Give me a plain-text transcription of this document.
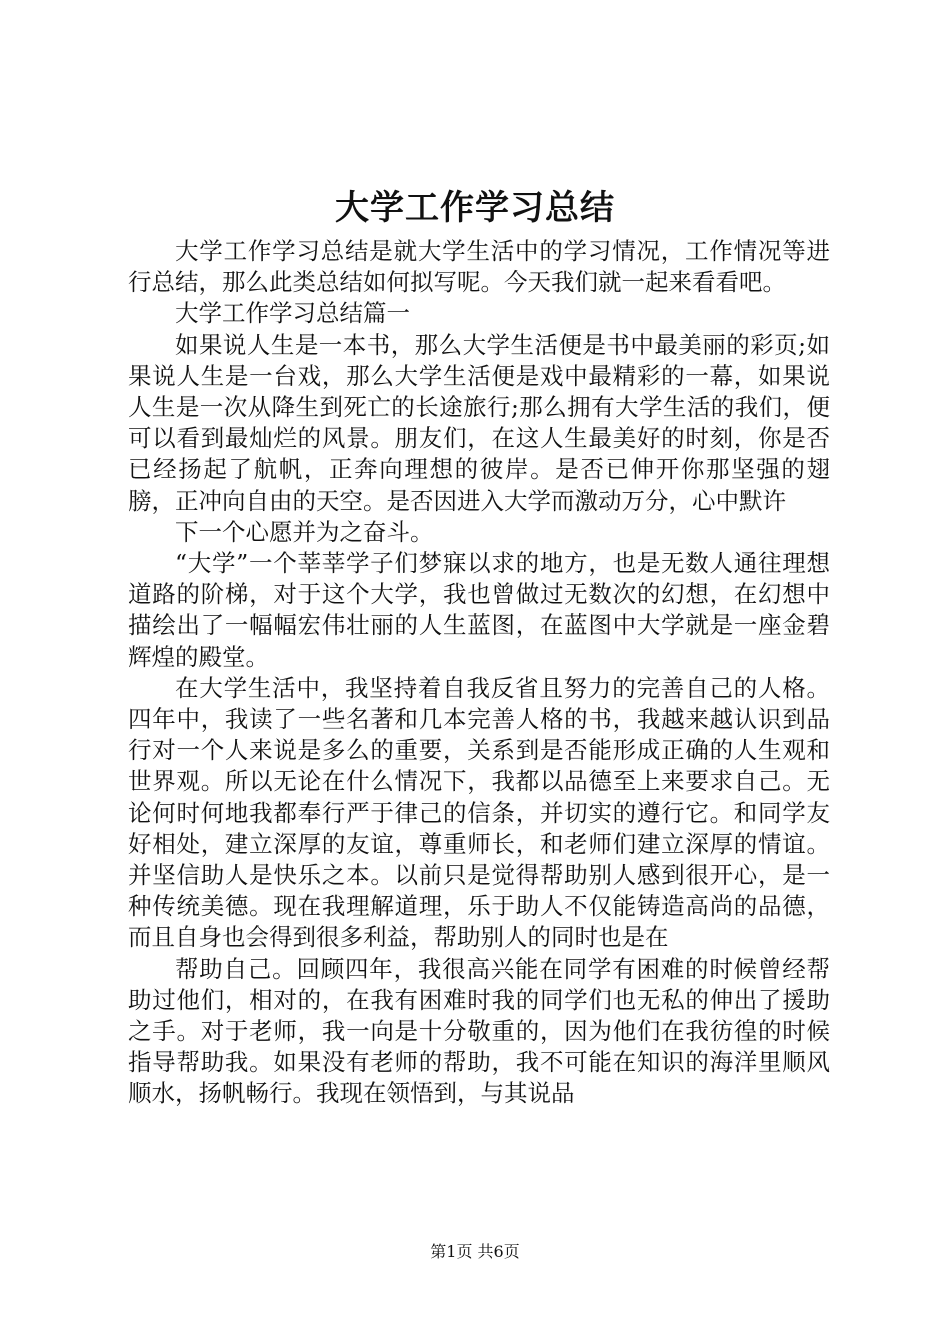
大学工作学习总结

大学工作学习总结是就大学生活中的学习情况，工作情况等进行总结，那么此类总结如何拟写呢。今天我们就一起来看看吧。

大学工作学习总结篇一

如果说人生是一本书，那么大学生活便是书中最美丽的彩页;如果说人生是一台戏，那么大学生活便是戏中最精彩的一幕，如果说人生是一次从降生到死亡的长途旅行;那么拥有大学生活的我们，便可以看到最灿烂的风景。朋友们，在这人生最美好的时刻，你是否已经扬起了航帆，正奔向理想的彼岸。是否已伸开你那坚强的翅膀，正冲向自由的天空。是否因进入大学而激动万分，心中默许

下一个心愿并为之奋斗。

“大学”一个莘莘学子们梦寐以求的地方，也是无数人通往理想道路的阶梯，对于这个大学，我也曾做过无数次的幻想，在幻想中描绘出了一幅幅宏伟壮丽的人生蓝图，在蓝图中大学就是一座金碧辉煌的殿堂。

在大学生活中，我坚持着自我反省且努力的完善自己的人格。四年中，我读了一些名著和几本完善人格的书，我越来越认识到品行对一个人来说是多么的重要，关系到是否能形成正确的人生观和世界观。所以无论在什么情况下，我都以品德至上来要求自己。无论何时何地我都奉行严于律己的信条，并切实的遵行它。和同学友好相处，建立深厚的友谊，尊重师长，和老师们建立深厚的情谊。并坚信助人是快乐之本。以前只是觉得帮助别人感到很开心，是一种传统美德。现在我理解道理，乐于助人不仅能铸造高尚的品德，而且自身也会得到很多利益，帮助别人的同时也是在

帮助自己。回顾四年，我很高兴能在同学有困难的时候曾经帮助过他们，相对的，在我有困难时我的同学们也无私的伸出了援助之手。对于老师，我一向是十分敬重的，因为他们在我彷徨的时候指导帮助我。如果没有老师的帮助，我不可能在知识的海洋里顺风顺水，扬帆畅行。我现在领悟到，与其说品

第1页 共6页
